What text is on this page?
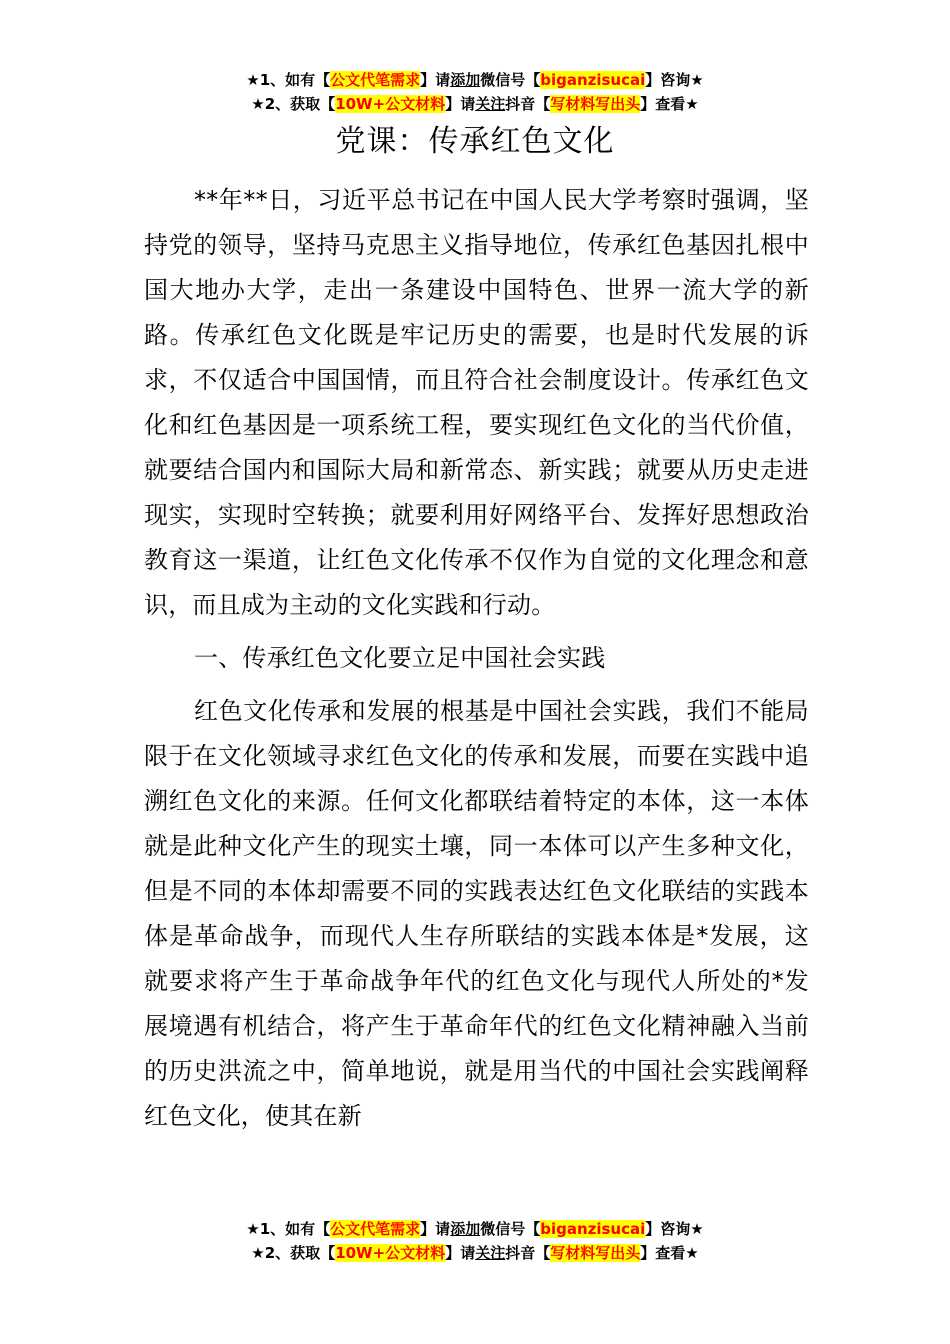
★1、如有【公文代笔需求】请添加微信号【biganzisucai】咨询★
★2、获取【10W+公文材料】请关注抖音【写材料写出头】查看★
党课：传承红色文化

**年**日，习近平总书记在中国人民大学考察时强调，坚持党的领导，坚持马克思主义指导地位，传承红色基因扎根中国大地办大学，走出一条建设中国特色、世界一流大学的新路。传承红色文化既是牢记历史的需要，也是时代发展的诉求，不仅适合中国国情，而且符合社会制度设计。传承红色文化和红色基因是一项系统工程，要实现红色文化的当代价值，就要结合国内和国际大局和新常态、新实践；就要从历史走进现实，实现时空转换；就要利用好网络平台、发挥好思想政治教育这一渠道，让红色文化传承不仅作为自觉的文化理念和意识，而且成为主动的文化实践和行动。

一、传承红色文化要立足中国社会实践

红色文化传承和发展的根基是中国社会实践，我们不能局限于在文化领域寻求红色文化的传承和发展，而要在实践中追溯红色文化的来源。任何文化都联结着特定的本体，这一本体就是此种文化产生的现实土壤，同一本体可以产生多种文化，但是不同的本体却需要不同的实践表达红色文化联结的实践本体是革命战争，而现代人生存所联结的实践本体是*发展，这就要求将产生于革命战争年代的红色文化与现代人所处的*发展境遇有机结合，将产生于革命年代的红色文化精神融入当前的历史洪流之中，简单地说，就是用当代的中国社会实践阐释红色文化，使其在新

★1、如有【公文代笔需求】请添加微信号【biganzisucai】咨询★
★2、获取【10W+公文材料】请关注抖音【写材料写出头】查看★
